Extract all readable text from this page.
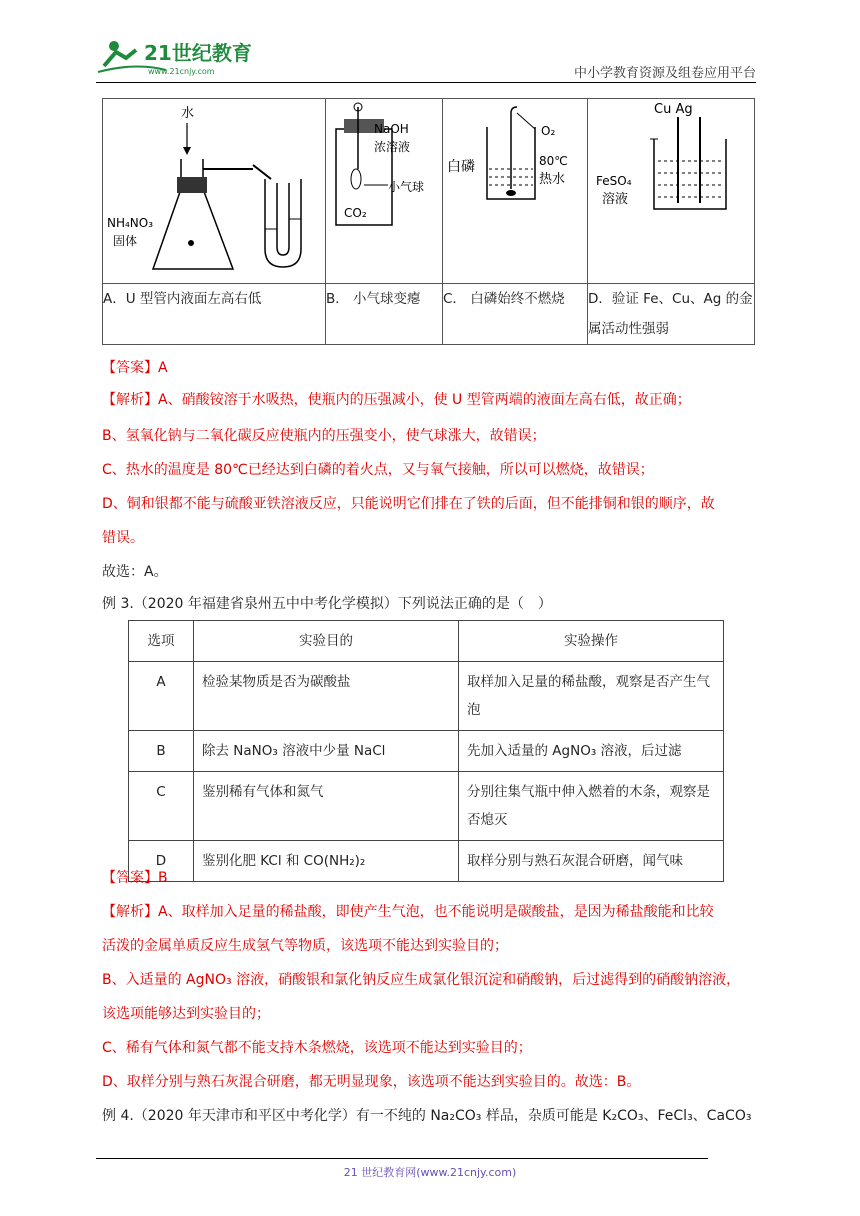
21世纪教育
www.21cnjy.com	中小学教育资源及组卷应用平台
水
NH₄NO₃
固体	NaOH
浓溶液
小气球
CO₂	O₂
白磷 80℃
热水	Cu Ag
FeSO₄
溶液

A．U 型管内液面左高右低	B． 小气球变瘪	C． 白磷始终不燃烧	D．验证 Fe、Cu、Ag 的金属活动性强弱
【答案】A
【解析】A、硝酸铵溶于水吸热，使瓶内的压强减小，使 U 型管两端的液面左高右低，故正确；
B、氢氧化钠与二氧化碳反应使瓶内的压强变小，使气球涨大，故错误；
C、热水的温度是 80℃已经达到白磷的着火点，又与氧气接触，所以可以燃烧，故错误；
D、铜和银都不能与硫酸亚铁溶液反应，只能说明它们排在了铁的后面，但不能排铜和银的顺序，故
错误。
故选：A。
例 3.（2020 年福建省泉州五中中考化学模拟）下列说法正确的是（　）
选项	实验目的	实验操作
A	检验某物质是否为碳酸盐	取样加入足量的稀盐酸，观察是否产生气泡
B	除去 NaNO₃ 溶液中少量 NaCl	先加入适量的 AgNO₃ 溶液，后过滤
C	鉴别稀有气体和氮气	分别往集气瓶中伸入燃着的木条，观察是否熄灭
D	鉴别化肥 KCl 和 CO(NH₂)₂	取样分别与熟石灰混合研磨，闻气味
【答案】B
【解析】A、取样加入足量的稀盐酸，即使产生气泡，也不能说明是碳酸盐，是因为稀盐酸能和比较
活泼的金属单质反应生成氢气等物质，该选项不能达到实验目的；
B、入适量的 AgNO₃ 溶液，硝酸银和氯化钠反应生成氯化银沉淀和硝酸钠，后过滤得到的硝酸钠溶液，
该选项能够达到实验目的；
C、稀有气体和氮气都不能支持木条燃烧，该选项不能达到实验目的；
D、取样分别与熟石灰混合研磨，都无明显现象，该选项不能达到实验目的。故选：B。
例 4.（2020 年天津市和平区中考化学）有一不纯的 Na₂CO₃ 样品，杂质可能是 K₂CO₃、FeCl₃、CaCO₃
21 世纪教育网(www.21cnjy.com)
